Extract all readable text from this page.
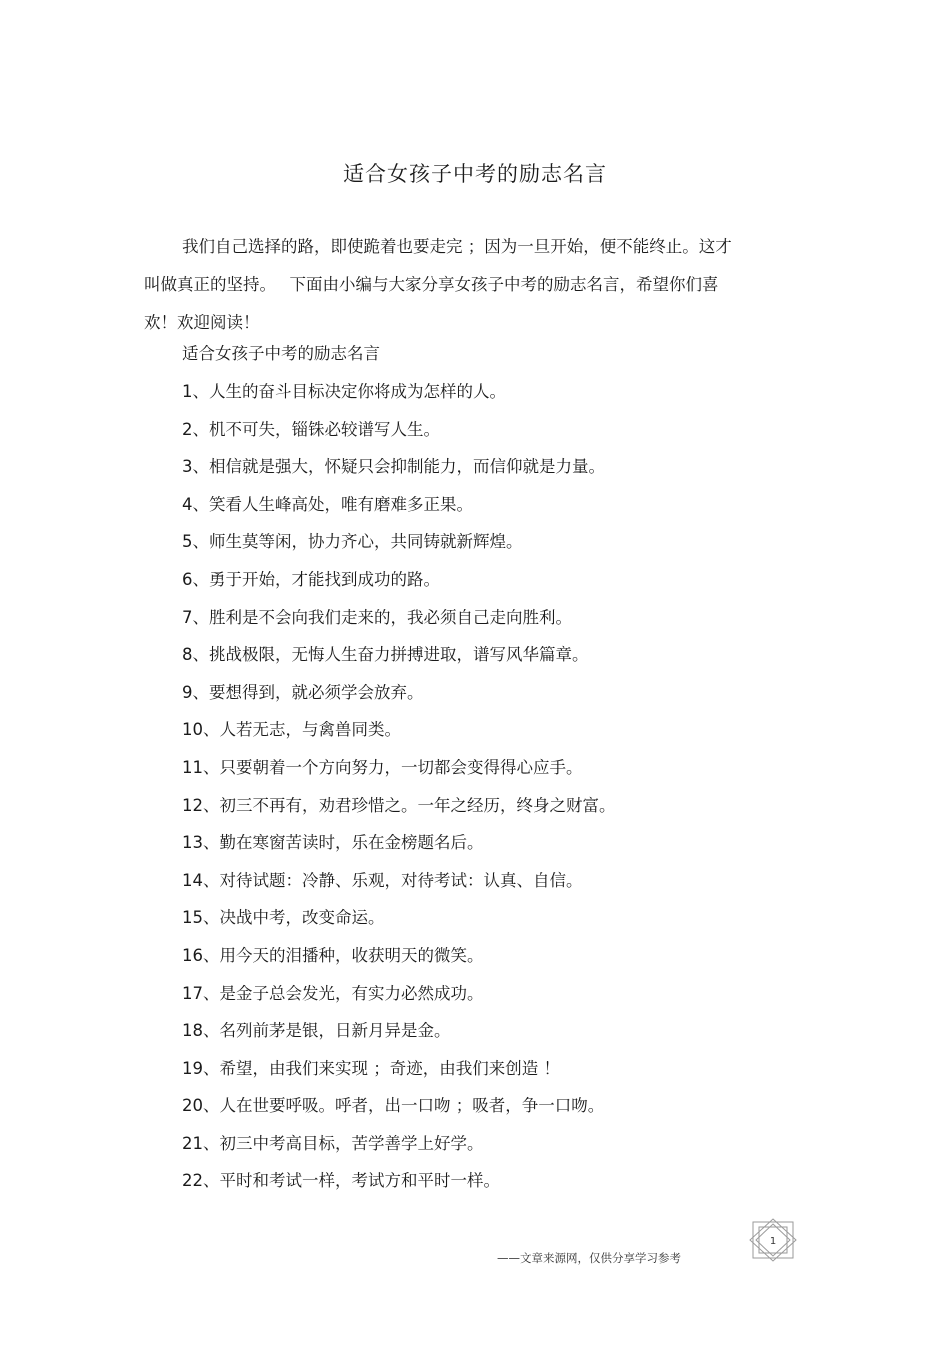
适合女孩子中考的励志名言
我们自己选择的路，即使跪着也要走完 ；因为一旦开始，便不能终止。这才
叫做真正的坚持。　 下面由小编与大家分享女孩子中考的励志名言，希望你们喜
欢！欢迎阅读！
适合女孩子中考的励志名言
1、人生的奋斗目标决定你将成为怎样的人。
2、机不可失，锱铢必较谱写人生。
3、相信就是强大，怀疑只会抑制能力，而信仰就是力量。
4、笑看人生峰高处，唯有磨难多正果。
5、师生莫等闲，协力齐心，共同铸就新辉煌。
6、勇于开始，才能找到成功的路。
7、胜利是不会向我们走来的，我必须自己走向胜利。
8、挑战极限，无悔人生奋力拼搏进取，谱写风华篇章。
9、要想得到，就必须学会放弃。
10、人若无志，与禽兽同类。
11、只要朝着一个方向努力，一切都会变得得心应手。
12、初三不再有，劝君珍惜之。一年之经历，终身之财富。
13、勤在寒窗苦读时，乐在金榜题名后。
14、对待试题：冷静、乐观，对待考试：认真、自信。
15、决战中考，改变命运。
16、用今天的泪播种，收获明天的微笑。
17、是金子总会发光，有实力必然成功。
18、名列前茅是银，日新月异是金。
19、希望，由我们来实现 ；奇迹，由我们来创造 ！
20、人在世要呼吸。呼者，出一口吻 ；吸者，争一口吻。
21、初三中考高目标，苦学善学上好学。
22、平时和考试一样，考试方和平时一样。
1
——文章来源网，仅供分享学习参考
